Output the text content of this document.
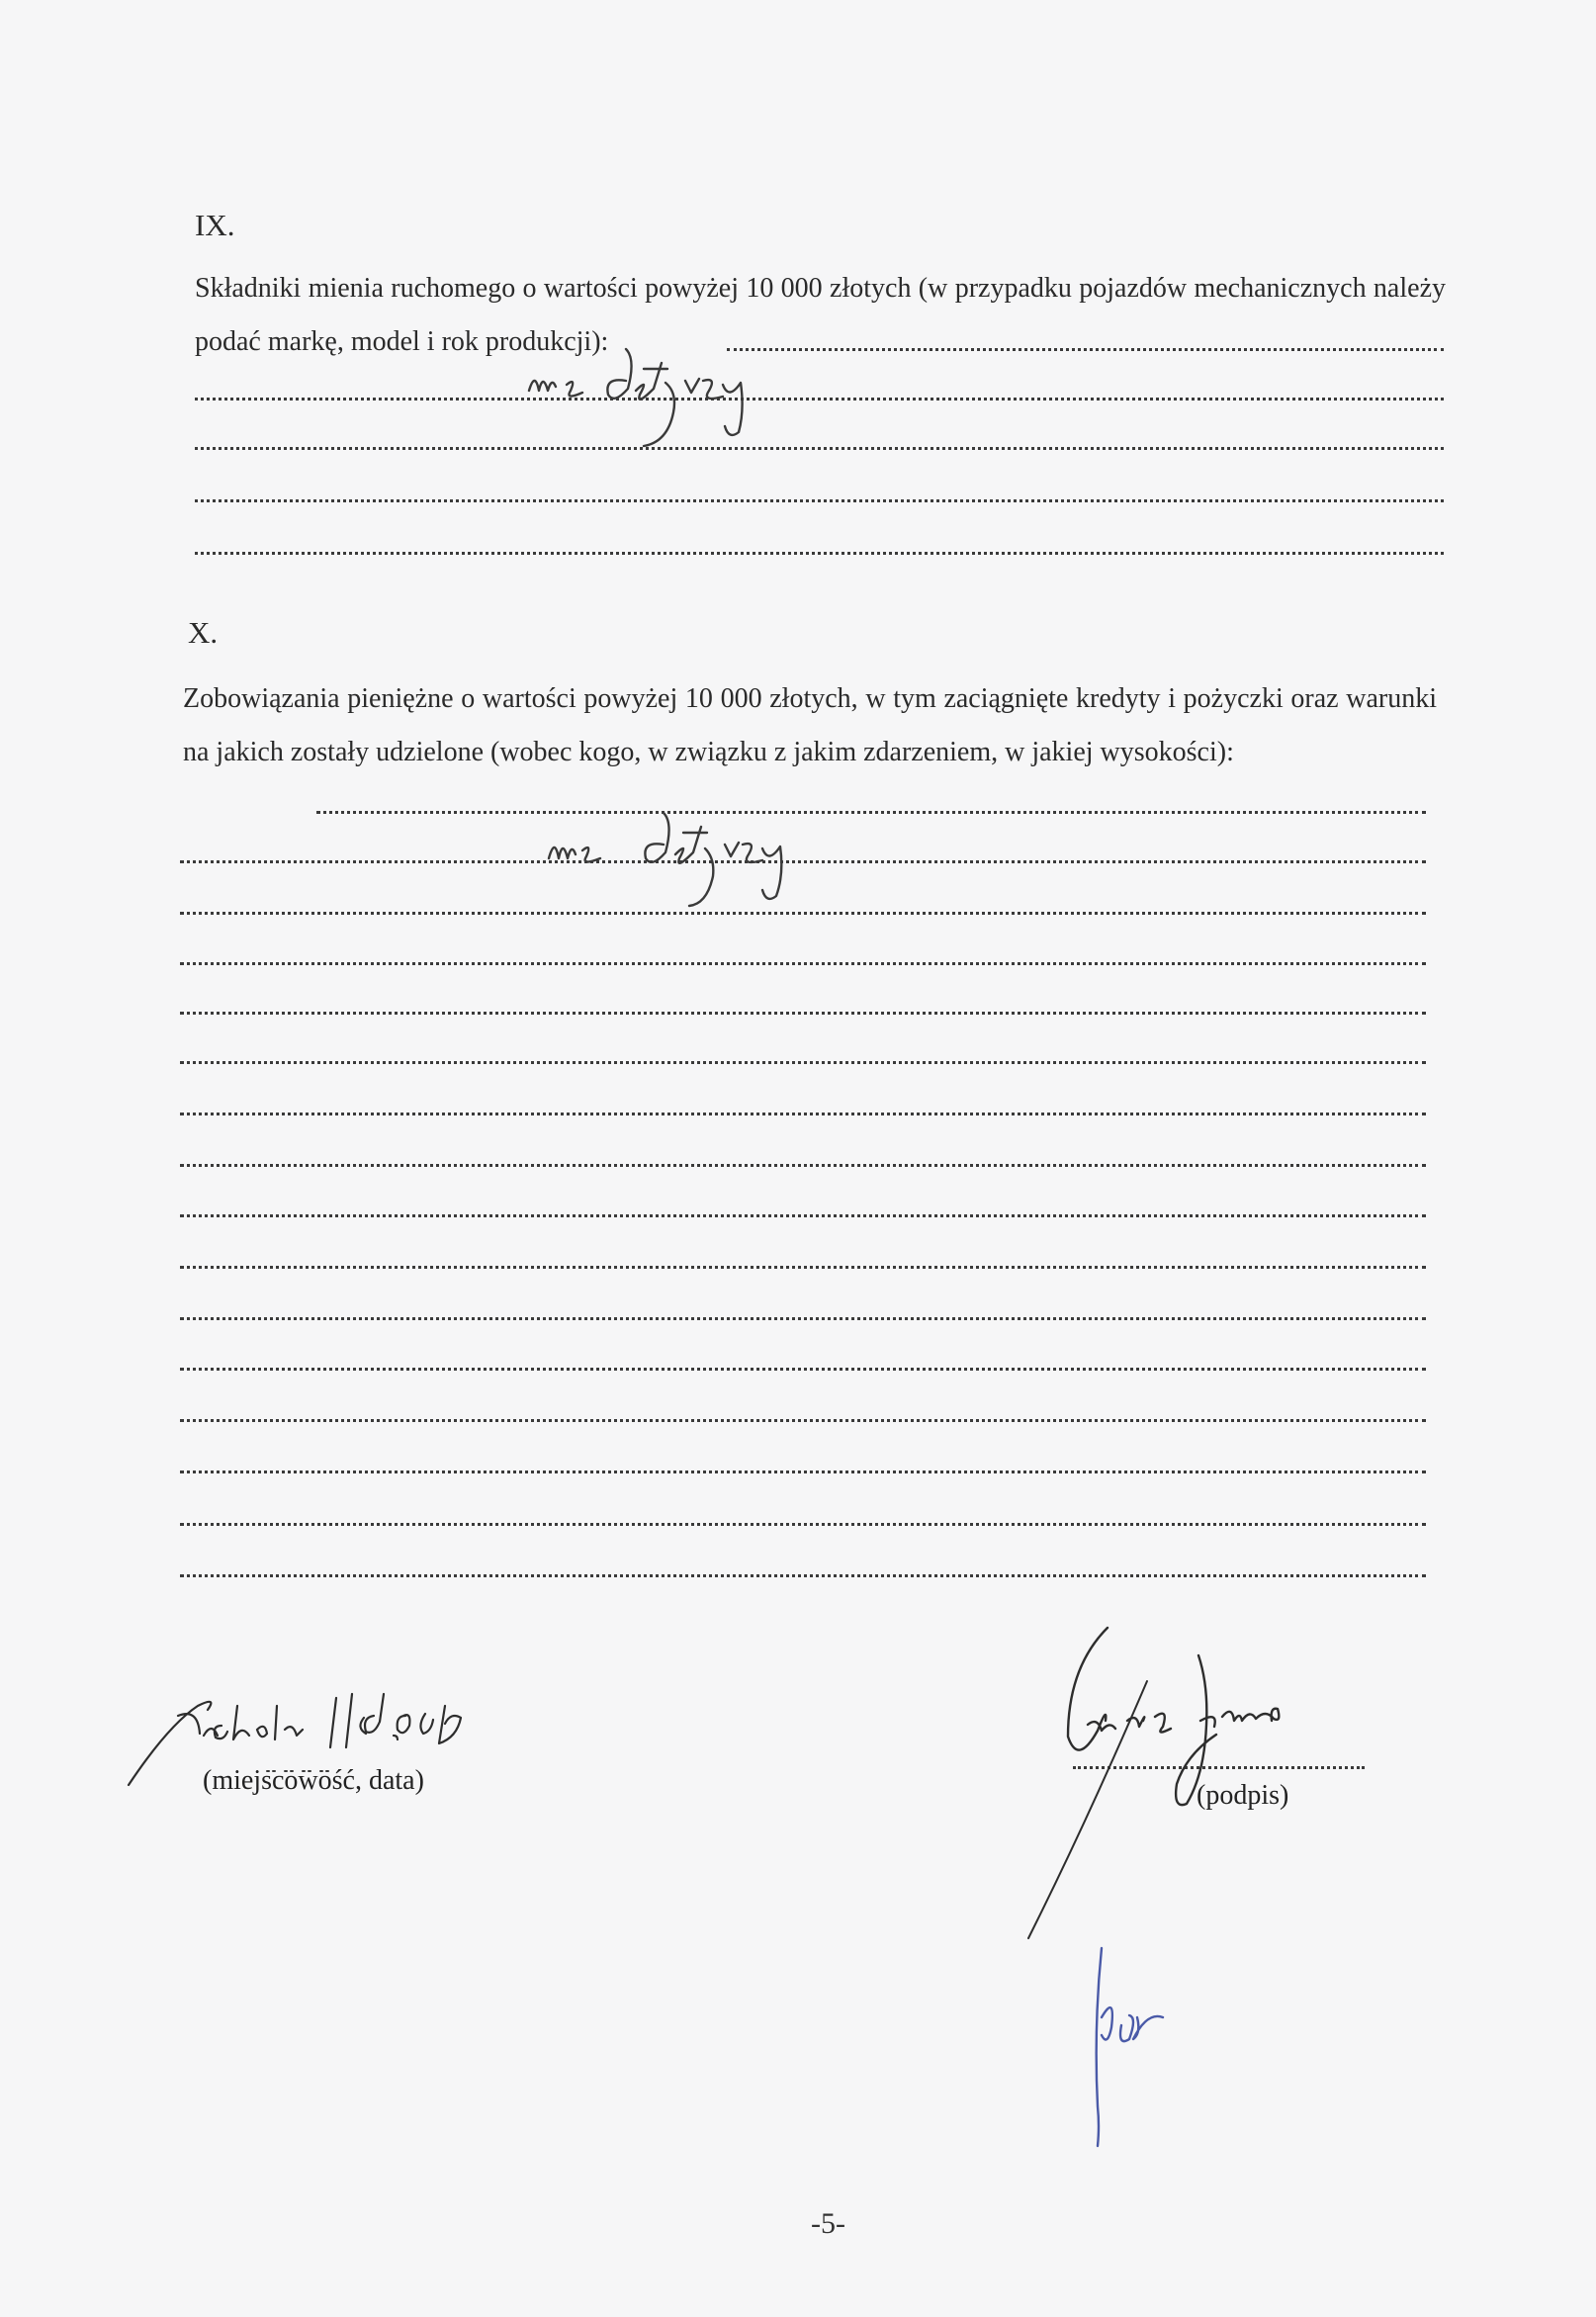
IX.
Składniki mienia ruchomego o wartości powyżej 10 000 złotych (w przypadku pojazdów mechanicznych należy podać markę, model i rok produkcji):
X.
Zobowiązania pieniężne o wartości powyżej 10 000 złotych, w tym zaciągnięte kredyty i pożyczki oraz warunki na jakich zostały udzielone (wobec kogo, w związku z jakim zdarzeniem, w jakiej wysokości):
(miejscowość, data)	(podpis)
-5-
